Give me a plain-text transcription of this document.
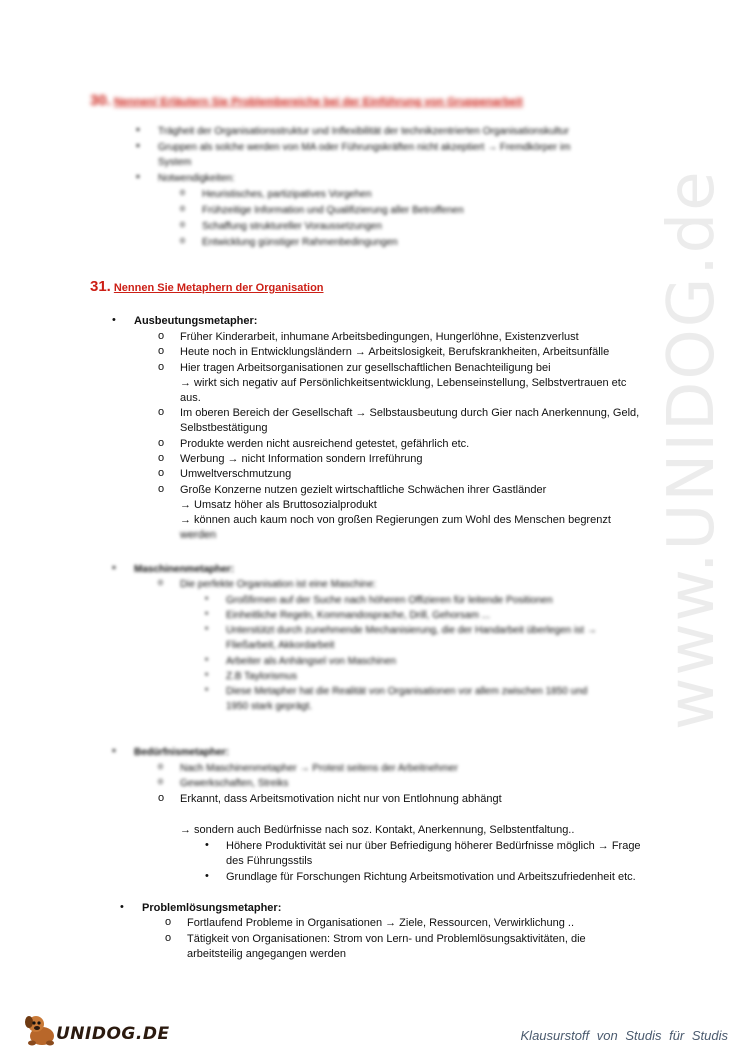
www.UNIDOG.de
30. Nennen/ Erläutern Sie Problembereiche bei der Einführung von Gruppenarbeit
• Trägheit der Organisationsstruktur und Inflexibilität der technikzentrierten Organisationskultur
• Gruppen als solche werden von MA oder Führungskräften nicht akzeptiert → Fremdkörper im
System
• Notwendigkeiten:
o Heuristisches, partizipatives Vorgehen
o Frühzeitige Information und Qualifizierung aller Betroffenen
o Schaffung struktureller Voraussetzungen
o Entwicklung günstiger Rahmenbedingungen
31. Nennen Sie Metaphern der Organisation
• Ausbeutungsmetapher:
o Früher Kinderarbeit, inhumane Arbeitsbedingungen, Hungerlöhne, Existenzverlust
o Heute noch in Entwicklungsländern → Arbeitslosigkeit, Berufskrankheiten, Arbeitsunfälle
o Hier tragen Arbeitsorganisationen zur gesellschaftlichen Benachteiligung bei
→ wirkt sich negativ auf Persönlichkeitsentwicklung, Lebenseinstellung, Selbstvertrauen etc
aus.
o Im oberen Bereich der Gesellschaft → Selbstausbeutung durch Gier nach Anerkennung, Geld,
Selbstbestätigung
o Produkte werden nicht ausreichend getestet, gefährlich etc.
o Werbung → nicht Information sondern Irreführung
o Umweltverschmutzung
o Große Konzerne nutzen gezielt wirtschaftliche Schwächen ihrer Gastländer
→ Umsatz höher als Bruttosozialprodukt
→ können auch kaum noch von großen Regierungen zum Wohl des Menschen begrenzt
werden
• Maschinenmetapher:
o Die perfekte Organisation ist eine Maschine:
▪ Großfirmen auf der Suche nach höheren Offizieren für leitende Positionen
▪ Einheitliche Regeln, Kommandosprache, Drill, Gehorsam ...
▪ Unterstützt durch zunehmende Mechanisierung, die der Handarbeit überlegen ist →
Fließarbeit, Akkordarbeit
▪ Arbeiter als Anhängsel von Maschinen
▪ Z.B Taylorismus
▪ Diese Metapher hat die Realität von Organisationen vor allem zwischen 1850 und
1950 stark geprägt.
• Bedürfnismetapher:
o Nach Maschinenmetapher → Protest seitens der Arbeitnehmer
o Gewerkschaften, Streiks
o Erkannt, dass Arbeitsmotivation nicht nur von Entlohnung abhängt
→ sondern auch Bedürfnisse nach soz. Kontakt, Anerkennung, Selbstentfaltung..
• Höhere Produktivität sei nur über Befriedigung höherer Bedürfnisse möglich → Frage
des Führungsstils
• Grundlage für Forschungen Richtung Arbeitsmotivation und Arbeitszufriedenheit etc.
• Problemlösungsmetapher:
o Fortlaufend Probleme in Organisationen → Ziele, Ressourcen, Verwirklichung ..
o Tätigkeit von Organisationen: Strom von Lern- und Problemlösungsaktivitäten, die
arbeitsteilig angegangen werden
UNIDOG.DE	Klausurstoff von Studis für Studis
